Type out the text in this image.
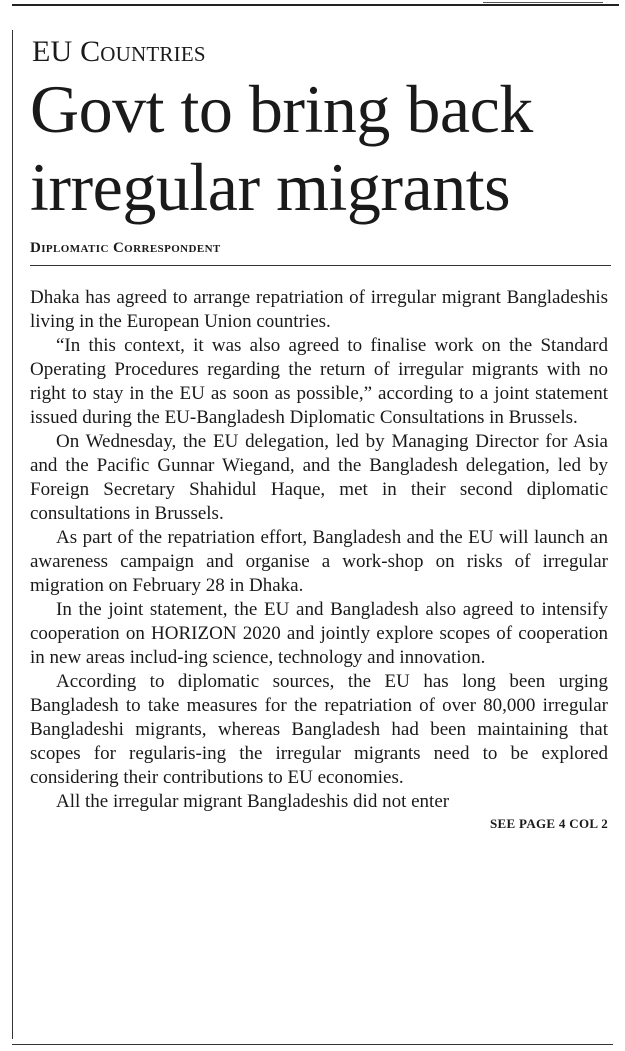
EU Countries
Govt to bring back
irregular migrants
Diplomatic Correspondent

Dhaka has agreed to arrange repatriation of irregular migrant Bangladeshis living in the European Union countries.

“In this context, it was also agreed to finalise work on the Standard Operating Procedures regarding the return of irregular migrants with no right to stay in the EU as soon as possible,” according to a joint statement issued during the EU-Bangladesh Diplomatic Consultations in Brussels.

On Wednesday, the EU delegation, led by Managing Director for Asia and the Pacific Gunnar Wiegand, and the Bangladesh delegation, led by Foreign Secretary Shahidul Haque, met in their second diplomatic consultations in Brussels.

As part of the repatriation effort, Bangladesh and the EU will launch an awareness campaign and organise a work-shop on risks of irregular migration on February 28 in Dhaka.

In the joint statement, the EU and Bangladesh also agreed to intensify cooperation on HORIZON 2020 and jointly explore scopes of cooperation in new areas includ-ing science, technology and innovation.

According to diplomatic sources, the EU has long been urging Bangladesh to take measures for the repatriation of over 80,000 irregular Bangladeshi migrants, whereas Bangladesh had been maintaining that scopes for regularis-ing the irregular migrants need to be explored considering their contributions to EU economies.

All the irregular migrant Bangladeshis did not enter

SEE PAGE 4 COL 2
